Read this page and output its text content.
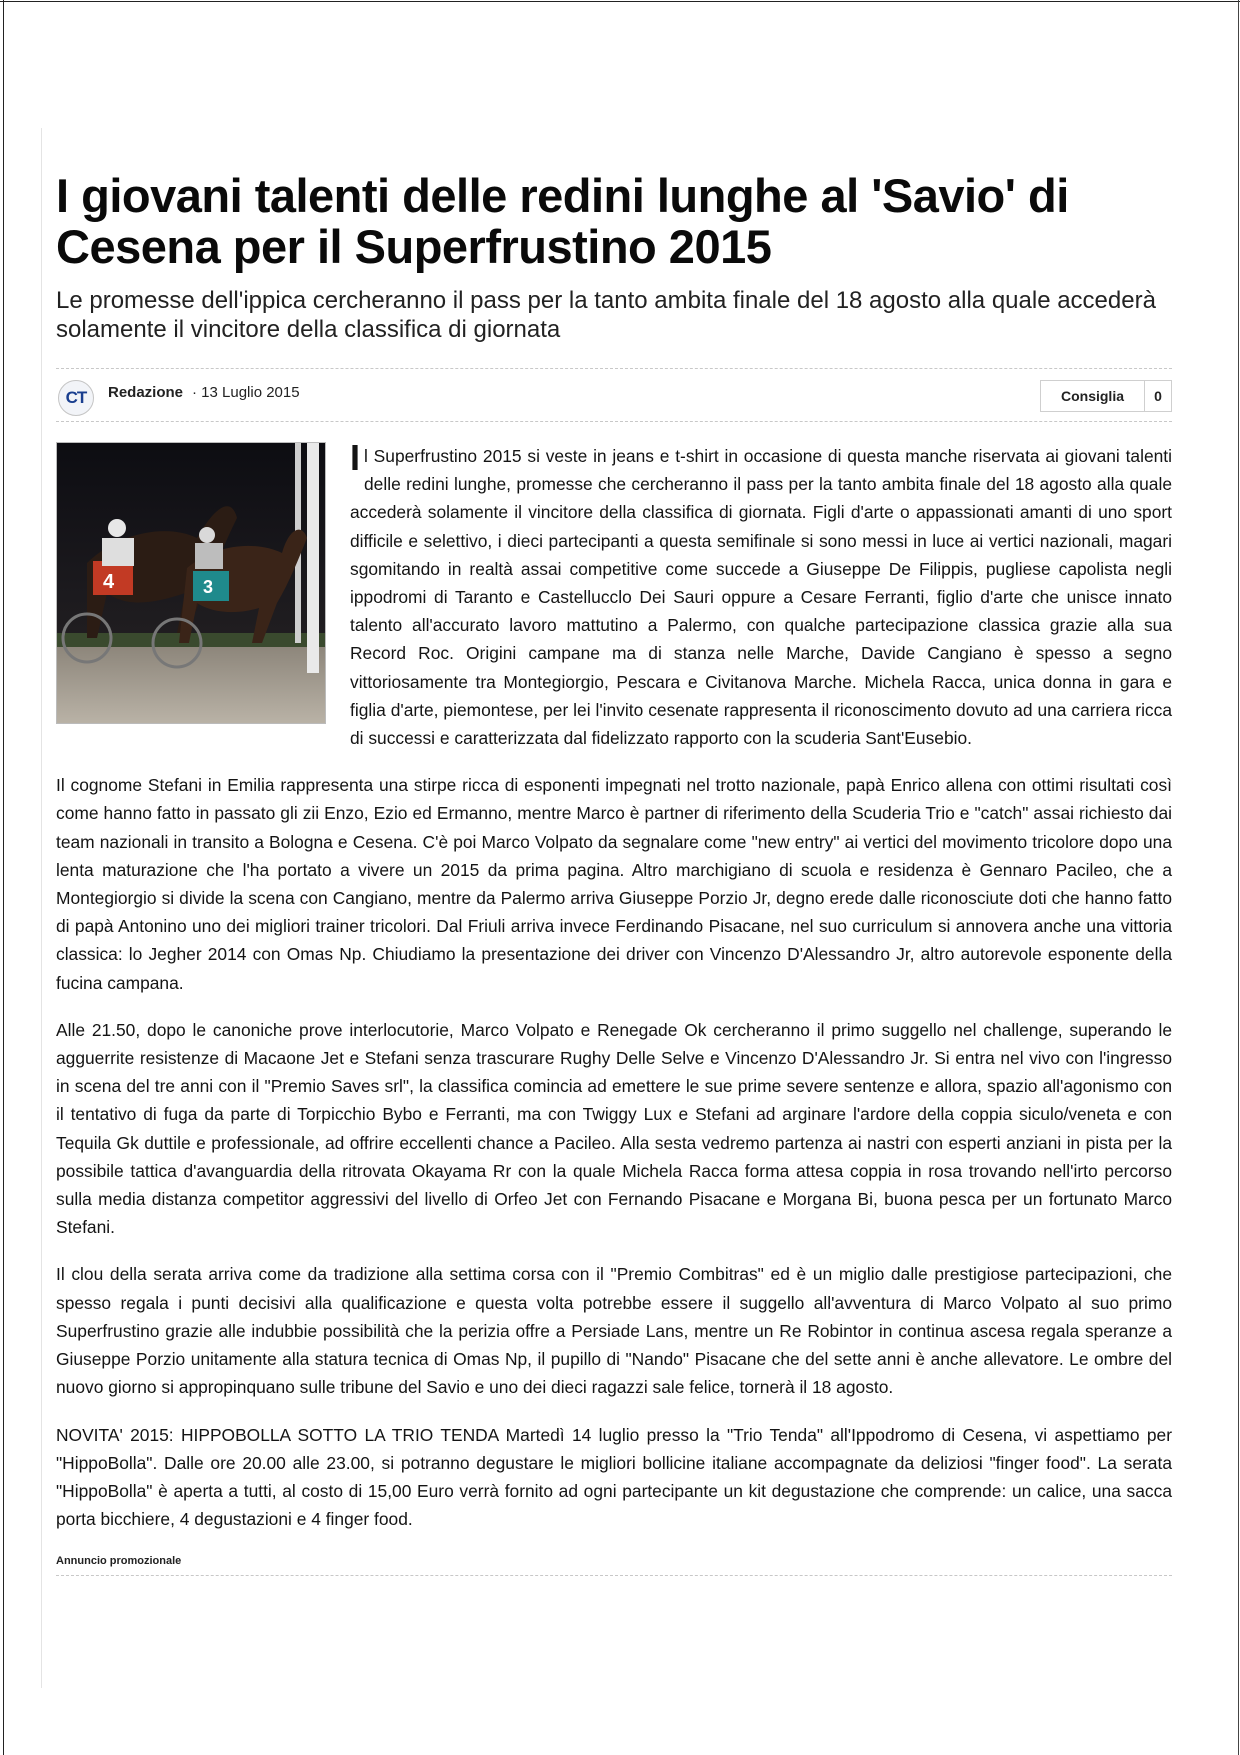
I giovani talenti delle redini lunghe al 'Savio' di Cesena per il Superfrustino 2015
Le promesse dell'ippica cercheranno il pass per la tanto ambita finale del 18 agosto alla quale accederà solamente il vincitore della classifica di giornata
CT	Redazione · 13 Luglio 2015	Consiglia	0
4	3

Il Superfrustino 2015 si veste in jeans e t-shirt in occasione di questa manche riservata ai giovani talenti delle redini lunghe, promesse che cercheranno il pass per la tanto ambita finale del 18 agosto alla quale accederà solamente il vincitore della classifica di giornata. Figli d'arte o appassionati amanti di uno sport difficile e selettivo, i dieci partecipanti a questa semifinale si sono messi in luce ai vertici nazionali, magari sgomitando in realtà assai competitive come succede a Giuseppe De Filippis, pugliese capolista negli ippodromi di Taranto e Castellucclo Dei Sauri oppure a Cesare Ferranti, figlio d'arte che unisce innato talento all'accurato lavoro mattutino a Palermo, con qualche partecipazione classica grazie alla sua Record Roc. Origini campane ma di stanza nelle Marche, Davide Cangiano è spesso a segno vittoriosamente tra Montegiorgio, Pescara e Civitanova Marche. Michela Racca, unica donna in gara e figlia d'arte, piemontese, per lei l'invito cesenate rappresenta il riconoscimento dovuto ad una carriera ricca di successi e caratterizzata dal fidelizzato rapporto con la scuderia Sant'Eusebio.

Il cognome Stefani in Emilia rappresenta una stirpe ricca di esponenti impegnati nel trotto nazionale, papà Enrico allena con ottimi risultati così come hanno fatto in passato gli zii Enzo, Ezio ed Ermanno, mentre Marco è partner di riferimento della Scuderia Trio e "catch" assai richiesto dai team nazionali in transito a Bologna e Cesena. C'è poi Marco Volpato da segnalare come "new entry" ai vertici del movimento tricolore dopo una lenta maturazione che l'ha portato a vivere un 2015 da prima pagina. Altro marchigiano di scuola e residenza è Gennaro Pacileo, che a Montegiorgio si divide la scena con Cangiano, mentre da Palermo arriva Giuseppe Porzio Jr, degno erede dalle riconosciute doti che hanno fatto di papà Antonino uno dei migliori trainer tricolori. Dal Friuli arriva invece Ferdinando Pisacane, nel suo curriculum si annovera anche una vittoria classica: lo Jegher 2014 con Omas Np. Chiudiamo la presentazione dei driver con Vincenzo D'Alessandro Jr, altro autorevole esponente della fucina campana.

Alle 21.50, dopo le canoniche prove interlocutorie, Marco Volpato e Renegade Ok cercheranno il primo suggello nel challenge, superando le agguerrite resistenze di Macaone Jet e Stefani senza trascurare Rughy Delle Selve e Vincenzo D'Alessandro Jr. Si entra nel vivo con l'ingresso in scena del tre anni con il "Premio Saves srl", la classifica comincia ad emettere le sue prime severe sentenze e allora, spazio all'agonismo con il tentativo di fuga da parte di Torpicchio Bybo e Ferranti, ma con Twiggy Lux e Stefani ad arginare l'ardore della coppia siculo/veneta e con Tequila Gk duttile e professionale, ad offrire eccellenti chance a Pacileo. Alla sesta vedremo partenza ai nastri con esperti anziani in pista per la possibile tattica d'avanguardia della ritrovata Okayama Rr con la quale Michela Racca forma attesa coppia in rosa trovando nell'irto percorso sulla media distanza competitor aggressivi del livello di Orfeo Jet con Fernando Pisacane e Morgana Bi, buona pesca per un fortunato Marco Stefani.

Il clou della serata arriva come da tradizione alla settima corsa con il "Premio Combitras" ed è un miglio dalle prestigiose partecipazioni, che spesso regala i punti decisivi alla qualificazione e questa volta potrebbe essere il suggello all'avventura di Marco Volpato al suo primo Superfrustino grazie alle indubbie possibilità che la perizia offre a Persiade Lans, mentre un Re Robintor in continua ascesa regala speranze a Giuseppe Porzio unitamente alla statura tecnica di Omas Np, il pupillo di "Nando" Pisacane che del sette anni è anche allevatore. Le ombre del nuovo giorno si appropinquano sulle tribune del Savio e uno dei dieci ragazzi sale felice, tornerà il 18 agosto.

NOVITA' 2015: HIPPOBOLLA SOTTO LA TRIO TENDA Martedì 14 luglio presso la "Trio Tenda" all'Ippodromo di Cesena, vi aspettiamo per "HippoBolla". Dalle ore 20.00 alle 23.00, si potranno degustare le migliori bollicine italiane accompagnate da deliziosi "finger food". La serata "HippoBolla" è aperta a tutti, al costo di 15,00 Euro verrà fornito ad ogni partecipante un kit degustazione che comprende: un calice, una sacca porta bicchiere, 4 degustazioni e 4 finger food.

Annuncio promozionale
